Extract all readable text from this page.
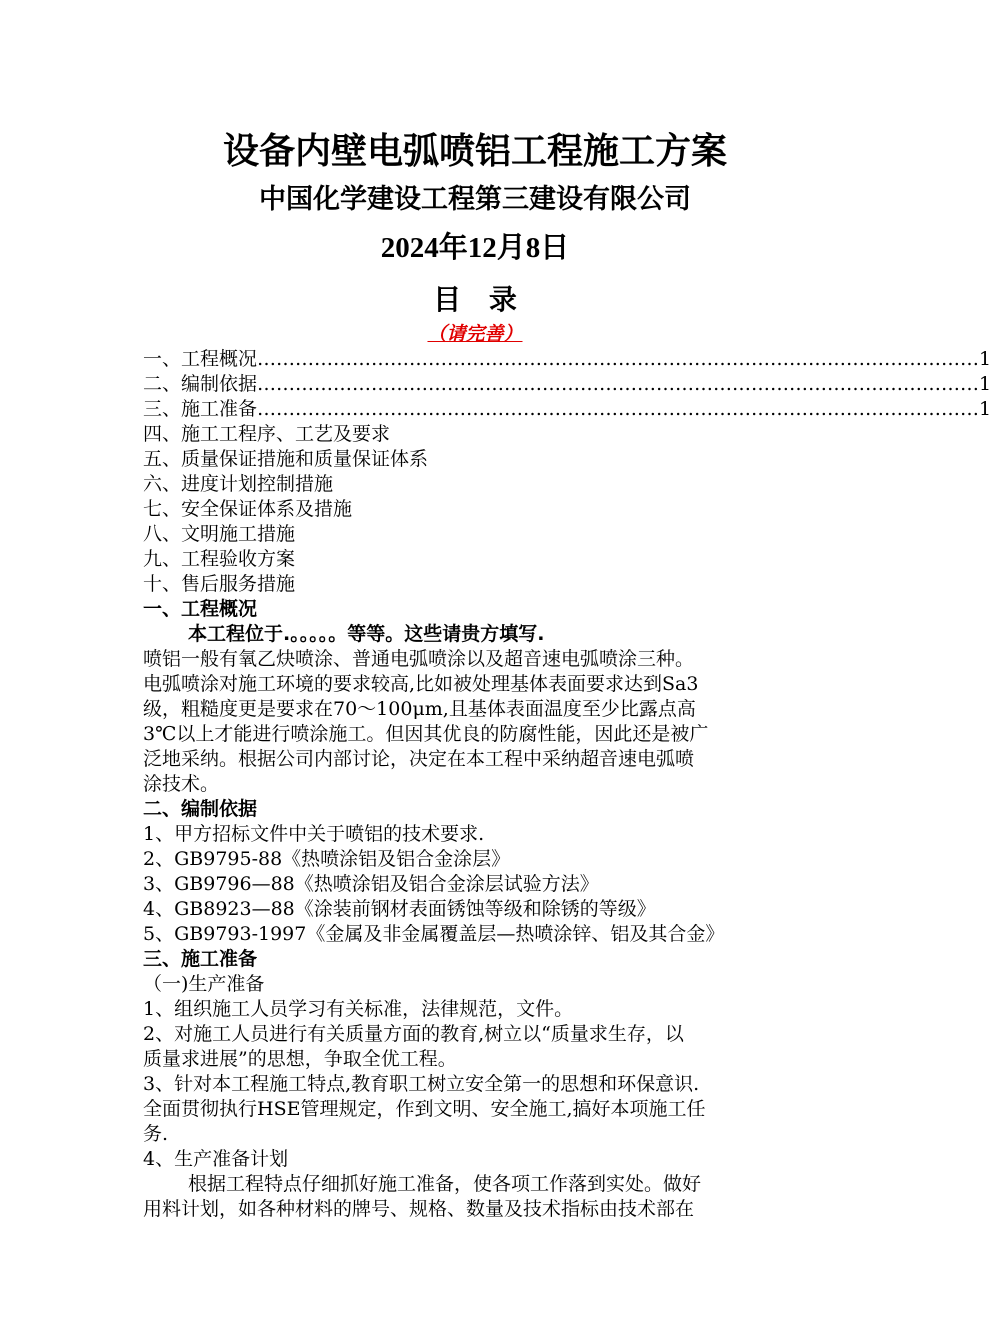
设备内壁电弧喷铝工程施工方案
中国化学建设工程第三建设有限公司
2024年12月8日
目 录
（请完善）
一、工程概况 …………………………………………………………………………………………………… 1
二、编制依据 …………………………………………………………………………………………………… 1
三、施工准备 …………………………………………………………………………………………………… 1
四、施工工程序、工艺及要求
五、质量保证措施和质量保证体系
六、进度计划控制措施
七、安全保证体系及措施
八、文明施工措施
九、工程验收方案
十、售后服务措施
一、工程概况
本工程位于.。。。。。等等。这些请贵方填写.
喷铝一般有氧乙炔喷涂、普通电弧喷涂以及超音速电弧喷涂三种。
电弧喷涂对施工环境的要求较高,比如被处理基体表面要求达到Sa3
级，粗糙度更是要求在70～100μm,且基体表面温度至少比露点高
3℃以上才能进行喷涂施工。但因其优良的防腐性能，因此还是被广
泛地采纳。根据公司内部讨论，决定在本工程中采纳超音速电弧喷
涂技术。
二、编制依据
1、甲方招标文件中关于喷铝的技术要求.
2、GB9795-88《热喷涂铝及铝合金涂层》
3、GB9796—88《热喷涂铝及铝合金涂层试验方法》
4、GB8923—88《涂装前钢材表面锈蚀等级和除锈的等级》
5、GB9793-1997《金属及非金属覆盖层—热喷涂锌、铝及其合金》
三、施工准备
（一)生产准备
1、组织施工人员学习有关标准，法律规范，文件。
2、对施工人员进行有关质量方面的教育,树立以“质量求生存，以
质量求进展”的思想，争取全优工程。
3、针对本工程施工特点,教育职工树立安全第一的思想和环保意识.
全面贯彻执行HSE管理规定，作到文明、安全施工,搞好本项施工任
务.
4、生产准备计划
根据工程特点仔细抓好施工准备，使各项工作落到实处。做好
用料计划，如各种材料的牌号、规格、数量及技术指标由技术部在
